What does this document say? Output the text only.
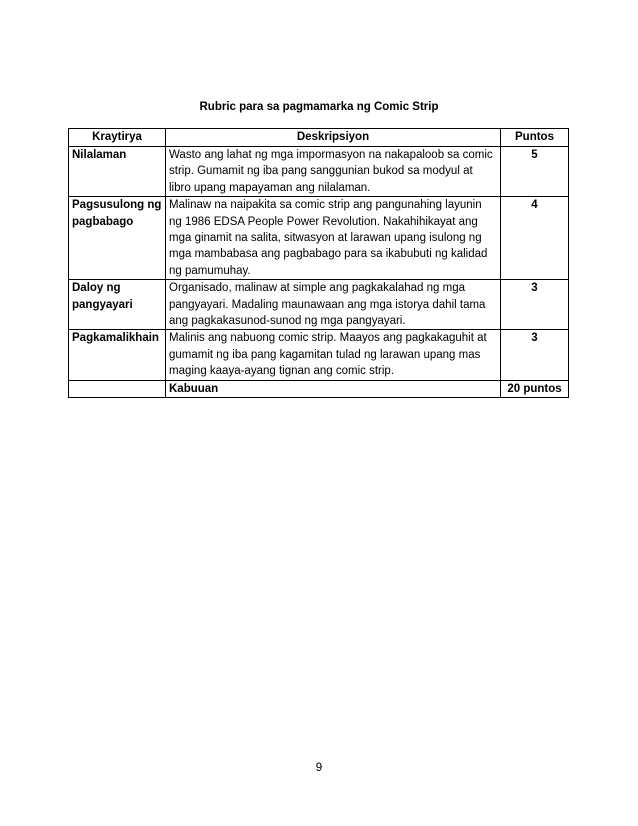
Rubric para sa pagmamarka ng Comic Strip
Kraytirya	Deskripsiyon	Puntos
Nilalaman	Wasto ang lahat ng mga impormasyon na nakapaloob sa comic strip. Gumamit ng iba pang sanggunian bukod sa modyul at libro upang mapayaman ang nilalaman.	5
Pagsusulong ng pagbabago	Malinaw na naipakita sa comic strip ang pangunahing layunin ng 1986 EDSA People Power Revolution. Nakahihikayat ang mga ginamit na salita, sitwasyon at larawan upang isulong ng mga mambabasa ang pagbabago para sa ikabubuti ng kalidad ng pamumuhay.	4
Daloy ng pangyayari	Organisado, malinaw at simple ang pagkakalahad ng mga pangyayari. Madaling maunawaan ang mga istorya dahil tama ang pagkakasunod-sunod ng mga pangyayari.	3
Pagkamalikhain	Malinis ang nabuong comic strip. Maayos ang pagkakaguhit at gumamit ng iba pang kagamitan tulad ng larawan upang mas maging kaaya-ayang tignan ang comic strip.	3
	Kabuuan	20 puntos
9
